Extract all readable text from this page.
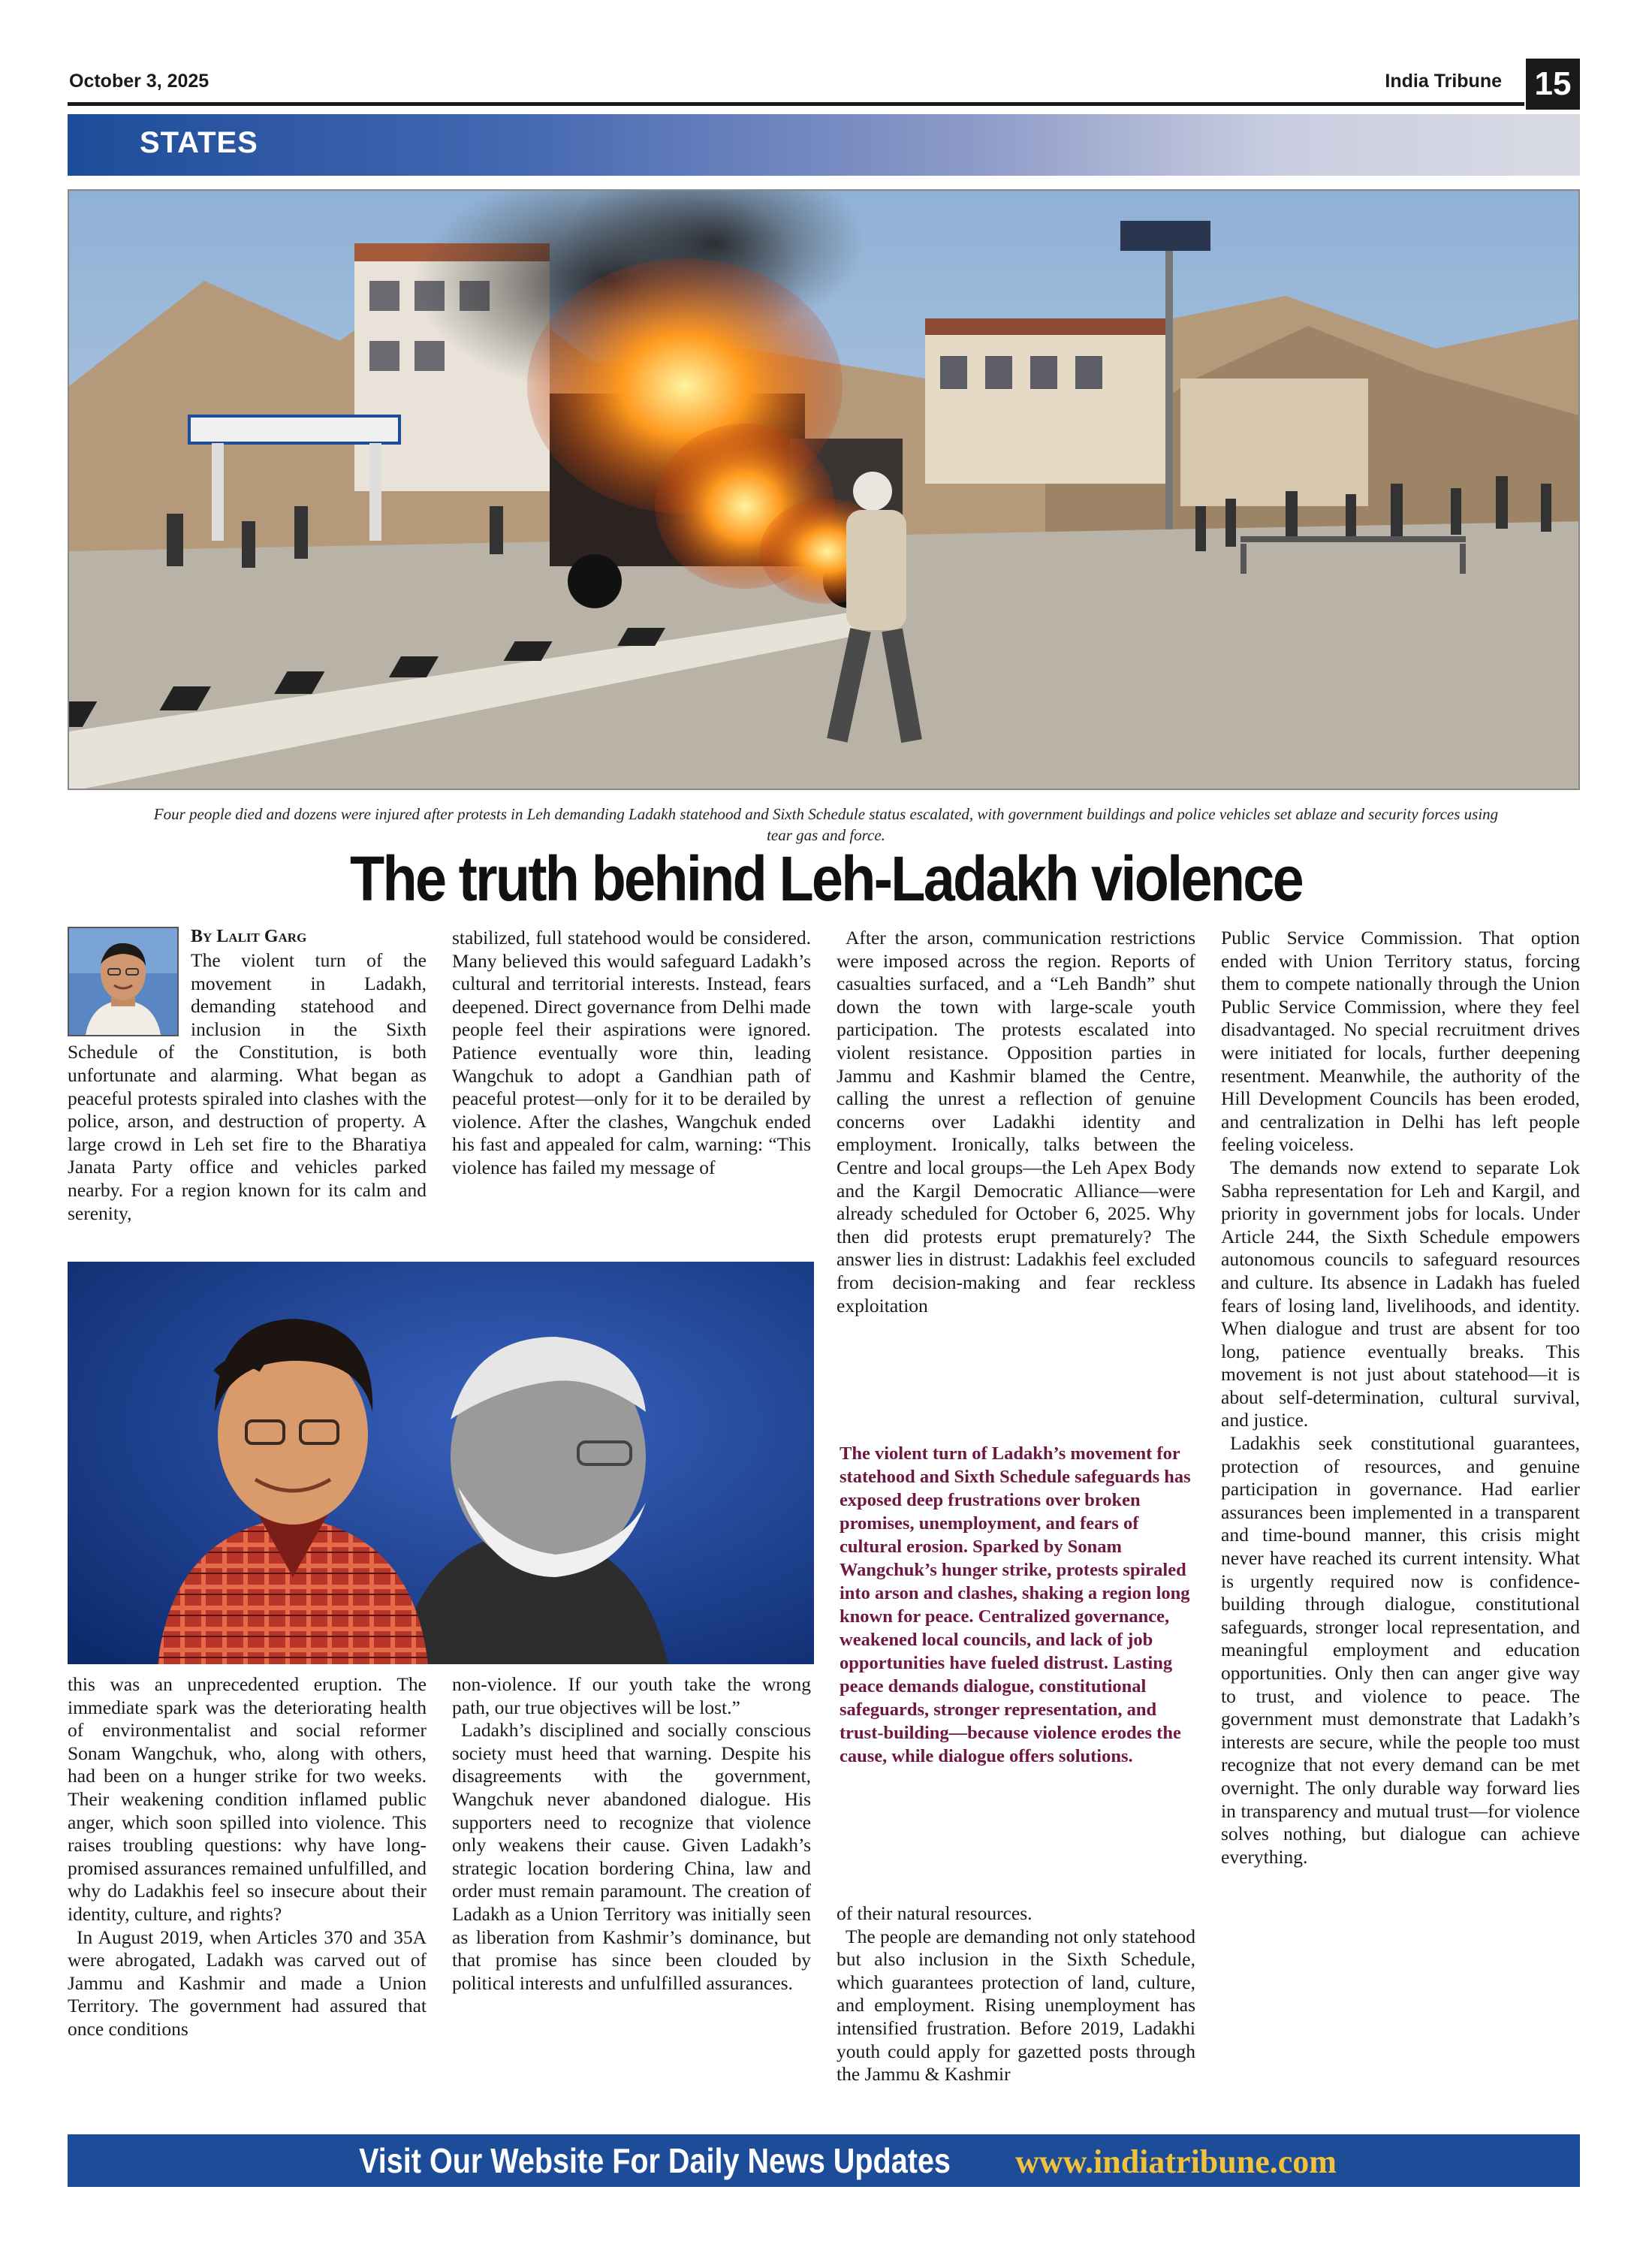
October 3, 2025	India Tribune 15
STATES
Four people died and dozens were injured after protests in Leh demanding Ladakh statehood and Sixth Schedule status escalated, with government buildings and police vehicles set ablaze and security forces using tear gas and force.
The truth behind Leh-Ladakh violence
By Lalit Garg

The violent turn of the movement in Ladakh, demanding statehood and inclusion in the Sixth Schedule of the Constitution, is both unfortunate and alarming. What began as peaceful protests spiraled into clashes with the police, arson, and destruction of property. A large crowd in Leh set fire to the Bharatiya Janata Party office and vehicles parked nearby. For a region known for its calm and serenity,

stabilized, full statehood would be considered. Many believed this would safeguard Ladakh’s cultural and territorial interests. Instead, fears deepened. Direct governance from Delhi made people feel their aspirations were ignored. Patience eventually wore thin, leading Wangchuk to adopt a Gandhian path of peaceful protest—only for it to be derailed by violence. After the clashes, Wangchuk ended his fast and appealed for calm, warning: “This violence has failed my message of

After the arson, communication restrictions were imposed across the region. Reports of casualties surfaced, and a “Leh Bandh” shut down the town with large-scale youth participation. The protests escalated into violent resistance. Opposition parties in Jammu and Kashmir blamed the Centre, calling the unrest a reflection of genuine concerns over Ladakhi identity and employment. Ironically, talks between the Centre and local groups—the Leh Apex Body and the Kargil Democratic Alliance—were already scheduled for October 6, 2025. Why then did protests erupt prematurely? The answer lies in distrust: Ladakhis feel excluded from decision-making and fear reckless exploitation

The violent turn of Ladakh’s movement for statehood and Sixth Schedule safeguards has exposed deep frustrations over broken promises, unemployment, and fears of cultural erosion. Sparked by Sonam Wangchuk’s hunger strike, protests spiraled into arson and clashes, shaking a region long known for peace. Centralized governance, weakened local councils, and lack of job opportunities have fueled distrust. Lasting peace demands dialogue, constitutional safeguards, stronger representation, and trust-building—because violence erodes the cause, while dialogue offers solutions.

Public Service Commission. That option ended with Union Territory status, forcing them to compete nationally through the Union Public Service Commission, where they feel disadvantaged. No special recruitment drives were initiated for locals, further deepening resentment. Meanwhile, the authority of the Hill Development Councils has been eroded, and centralization in Delhi has left people feeling voiceless.

The demands now extend to separate Lok Sabha representation for Leh and Kargil, and priority in government jobs for locals. Under Article 244, the Sixth Schedule empowers autonomous councils to safeguard resources and culture. Its absence in Ladakh has fueled fears of losing land, livelihoods, and identity. When dialogue and trust are absent for too long, patience eventually breaks. This movement is not just about statehood—it is about self-determination, cultural survival, and justice.

Ladakhis seek constitutional guarantees, protection of resources, and genuine participation in governance. Had earlier assurances been implemented in a transparent and time-bound manner, this crisis might never have reached its current intensity. What is urgently required now is confidence-building through dialogue, constitutional safeguards, stronger local representation, and meaningful employment and education opportunities. Only then can anger give way to trust, and violence to peace. The government must demonstrate that Ladakh’s interests are secure, while the people too must recognize that not every demand can be met overnight. The only durable way forward lies in transparency and mutual trust—for violence solves nothing, but dialogue can achieve everything.

this was an unprecedented eruption. The immediate spark was the deteriorating health of environmentalist and social reformer Sonam Wangchuk, who, along with others, had been on a hunger strike for two weeks. Their weakening condition inflamed public anger, which soon spilled into violence. This raises troubling questions: why have long-promised assurances remained unfulfilled, and why do Ladakhis feel so insecure about their identity, culture, and rights?

In August 2019, when Articles 370 and 35A were abrogated, Ladakh was carved out of Jammu and Kashmir and made a Union Territory. The government had assured that once conditions

non-violence. If our youth take the wrong path, our true objectives will be lost.”

Ladakh’s disciplined and socially conscious society must heed that warning. Despite his disagreements with the government, Wangchuk never abandoned dialogue. His supporters need to recognize that violence only weakens their cause. Given Ladakh’s strategic location bordering China, law and order must remain paramount. The creation of Ladakh as a Union Territory was initially seen as liberation from Kashmir’s dominance, but that promise has since been clouded by political interests and unfulfilled assurances.

of their natural resources.

The people are demanding not only statehood but also inclusion in the Sixth Schedule, which guarantees protection of land, culture, and employment. Rising unemployment has intensified frustration. Before 2019, Ladakhi youth could apply for gazetted posts through the Jammu & Kashmir

Visit Our Website For Daily News Updates www.indiatribune.com
